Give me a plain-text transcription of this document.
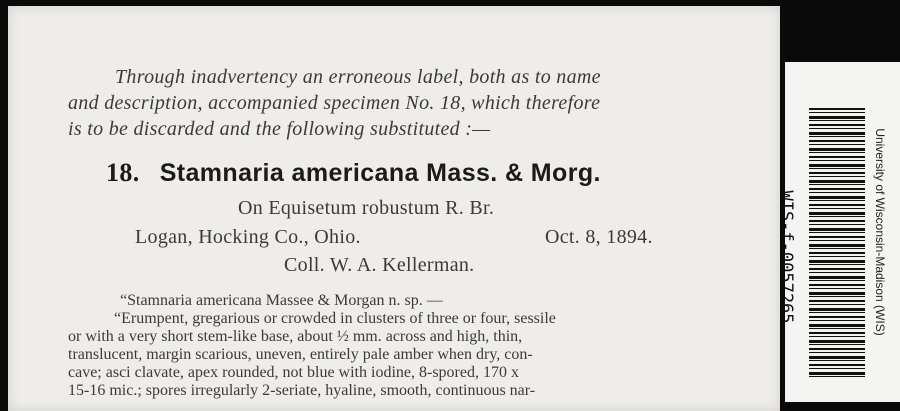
Through inadvertency an erroneous label, both as to name
and description, accompanied specimen No. 18, which therefore
is to be discarded and the following substituted :—
18. Stamnaria americana Mass. & Morg.
On Equisetum robustum R. Br.
Logan, Hocking Co., Ohio.	Oct. 8, 1894.
Coll. W. A. Kellerman.
“Stamnaria americana Massee & Morgan n. sp. —
“Erumpent, gregarious or crowded in clusters of three or four, sessile
or with a very short stem-like base, about ½ mm. across and high, thin,
translucent, margin scarious, uneven, entirely pale amber when dry, con-
cave; asci clavate, apex rounded, not blue with iodine, 8-spored, 170 x
15-16 mic.; spores irregularly 2-seriate, hyaline, smooth, continuous nar-
WIS-f-0057265	University of Wisconsin-Madison (WIS)
